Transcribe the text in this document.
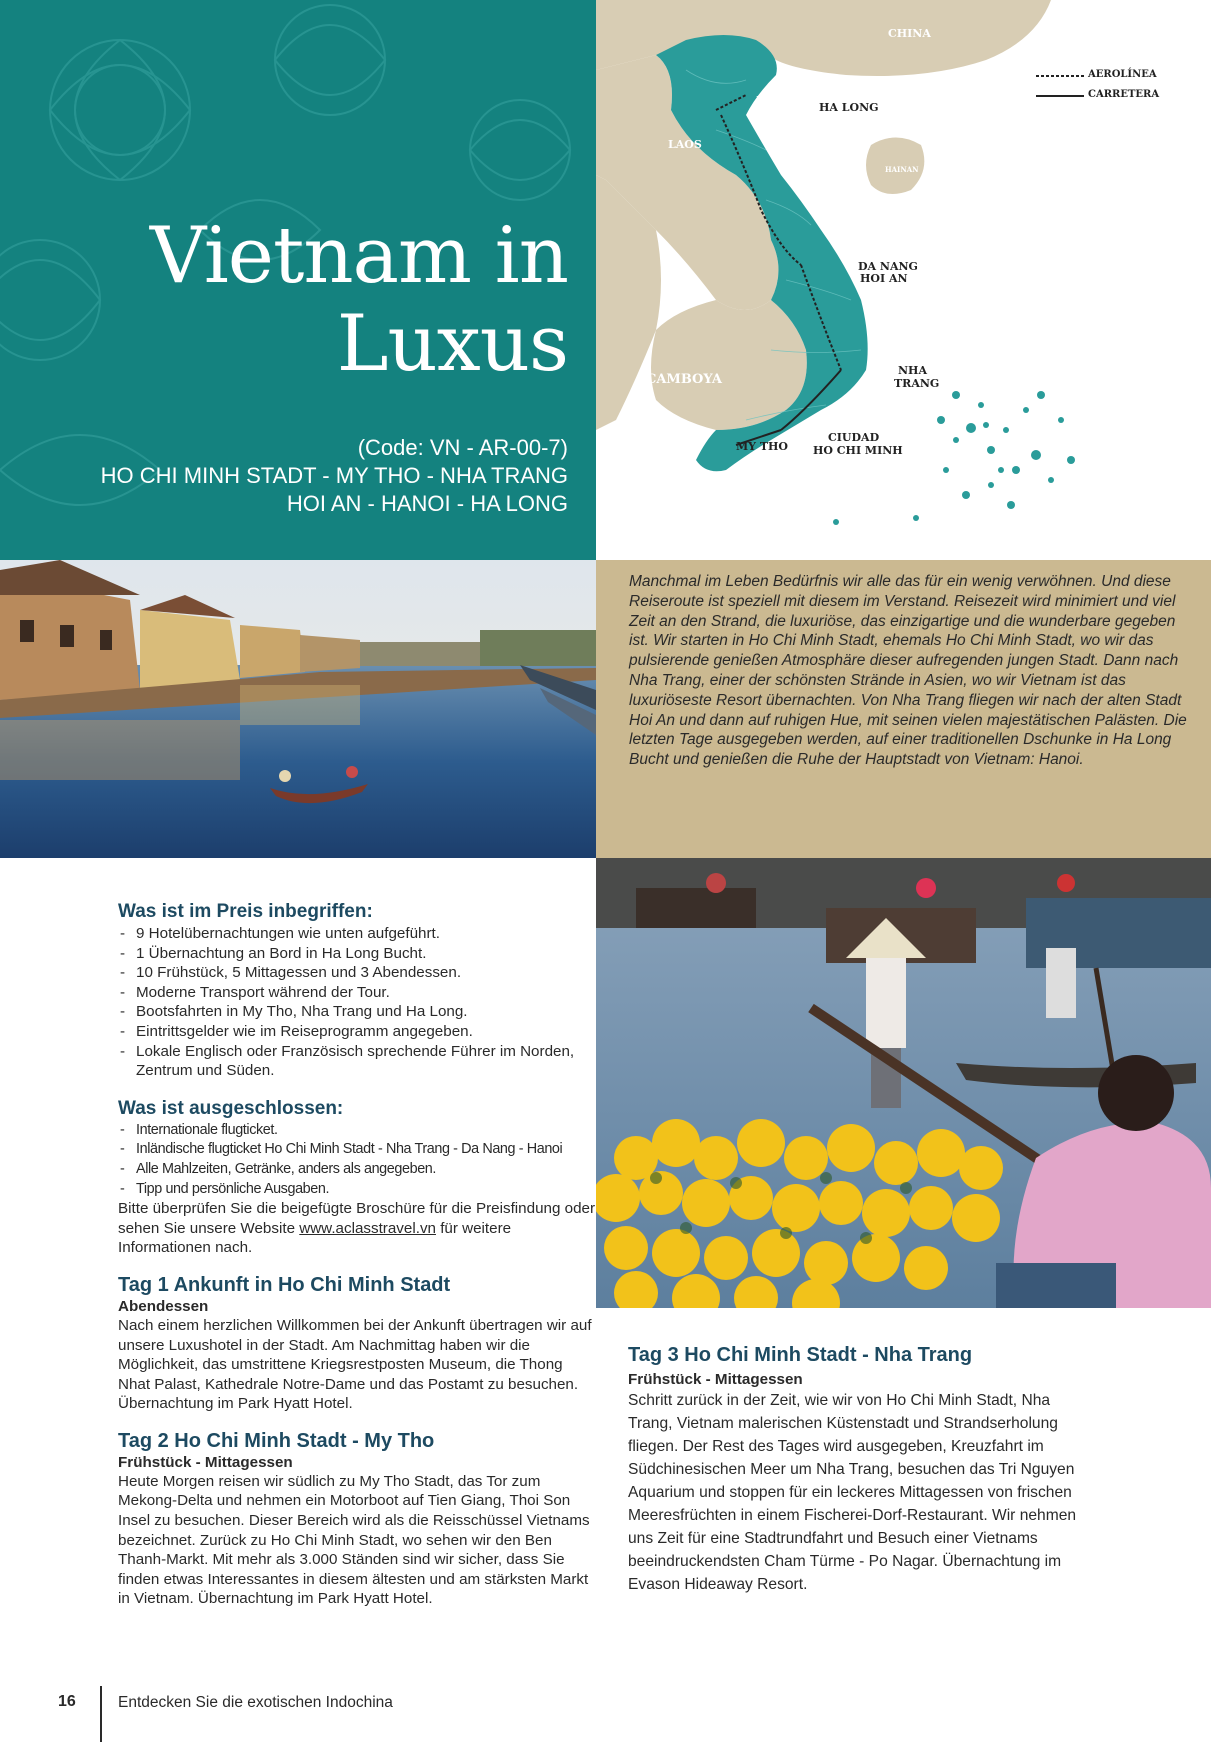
Vietnam in
Luxus
(Code: VN - AR-00-7)
HO CHI MINH STADT - MY THO - NHA TRANG
HOI AN - HANOI - HA LONG
CHINA
LAOS
CAMBOYA
HAINAN
HA NOI HA LONG
DA NANG
HOI AN
NHA
TRANG
CIUDAD
HO CHI MINH
MY THO
AEROLÍNEA
CARRETERA

Manchmal im Leben Bedürfnis wir alle das für ein wenig verwöhnen. Und diese Reiseroute ist speziell mit diesem im Verstand. Reisezeit wird minimiert und viel Zeit an den Strand, die luxuriöse, das einzigartige und die wunderbare gegeben ist. Wir starten in Ho Chi Minh Stadt, ehemals Ho Chi Minh Stadt, wo wir das pulsierende genießen Atmosphäre dieser aufregenden jungen Stadt. Dann nach Nha Trang, einer der schönsten Strände in Asien, wo wir Vietnam ist das luxuriöseste Resort übernachten. Von Nha Trang fliegen wir nach der alten Stadt Hoi An und dann auf ruhigen Hue, mit seinen vielen majestätischen Palästen. Die letzten Tage ausgegeben werden, auf einer traditionellen Dschunke in Ha Long Bucht und genießen die Ruhe der Hauptstadt von Vietnam: Hanoi.

Was ist im Preis inbegriffen:
- 9 Hotelübernachtungen wie unten aufgeführt.
- 1 Übernachtung an Bord in Ha Long Bucht.
- 10 Frühstück, 5 Mittagessen und 3 Abendessen.
- Moderne Transport während der Tour.
- Bootsfahrten in My Tho, Nha Trang und Ha Long.
- Eintrittsgelder wie im Reiseprogramm angegeben.
- Lokale Englisch oder Französisch sprechende Führer im Norden, Zentrum und Süden.
Was ist ausgeschlossen:
- Internationale flugticket.
- Inländische flugticket Ho Chi Minh Stadt - Nha Trang - Da Nang - Hanoi
- Alle Mahlzeiten, Getränke, anders als angegeben.
- Tipp und persönliche Ausgaben.

Bitte überprüfen Sie die beigefügte Broschüre für die Preisfindung oder sehen Sie unsere Website www.aclasstravel.vn für weitere Informationen nach.

Tag 1 Ankunft in Ho Chi Minh Stadt
Abendessen

Nach einem herzlichen Willkommen bei der Ankunft übertragen wir auf unsere Luxushotel in der Stadt. Am Nachmittag haben wir die Möglichkeit, das umstrittene Kriegsrestposten Museum, die Thong Nhat Palast, Kathedrale Notre-Dame und das Postamt zu besuchen. Übernachtung im Park Hyatt Hotel.

Tag 2 Ho Chi Minh Stadt - My Tho
Frühstück - Mittagessen

Heute Morgen reisen wir südlich zu My Tho Stadt, das Tor zum Mekong-Delta und nehmen ein Motorboot auf Tien Giang, Thoi Son Insel zu besuchen. Dieser Bereich wird als die Reisschüssel Vietnams bezeichnet. Zurück zu Ho Chi Minh Stadt, wo sehen wir den Ben Thanh-Markt. Mit mehr als 3.000 Ständen sind wir sicher, dass Sie finden etwas Interessantes in diesem ältesten und am stärksten Markt in Vietnam. Übernachtung im Park Hyatt Hotel.

Tag 3 Ho Chi Minh Stadt - Nha Trang
Frühstück - Mittagessen

Schritt zurück in der Zeit, wie wir von Ho Chi Minh Stadt, Nha Trang, Vietnam malerischen Küstenstadt und Strandserholung fliegen. Der Rest des Tages wird ausgegeben, Kreuzfahrt im Südchinesischen Meer um Nha Trang, besuchen das Tri Nguyen Aquarium und stoppen für ein leckeres Mittagessen von frischen Meeresfrüchten in einem Fischerei-Dorf-Restaurant. Wir nehmen uns Zeit für eine Stadtrundfahrt und Besuch einer Vietnams beeindruckendsten Cham Türme - Po Nagar. Übernachtung im Evason Hideaway Resort.

16	Entdecken Sie die exotischen Indochina
